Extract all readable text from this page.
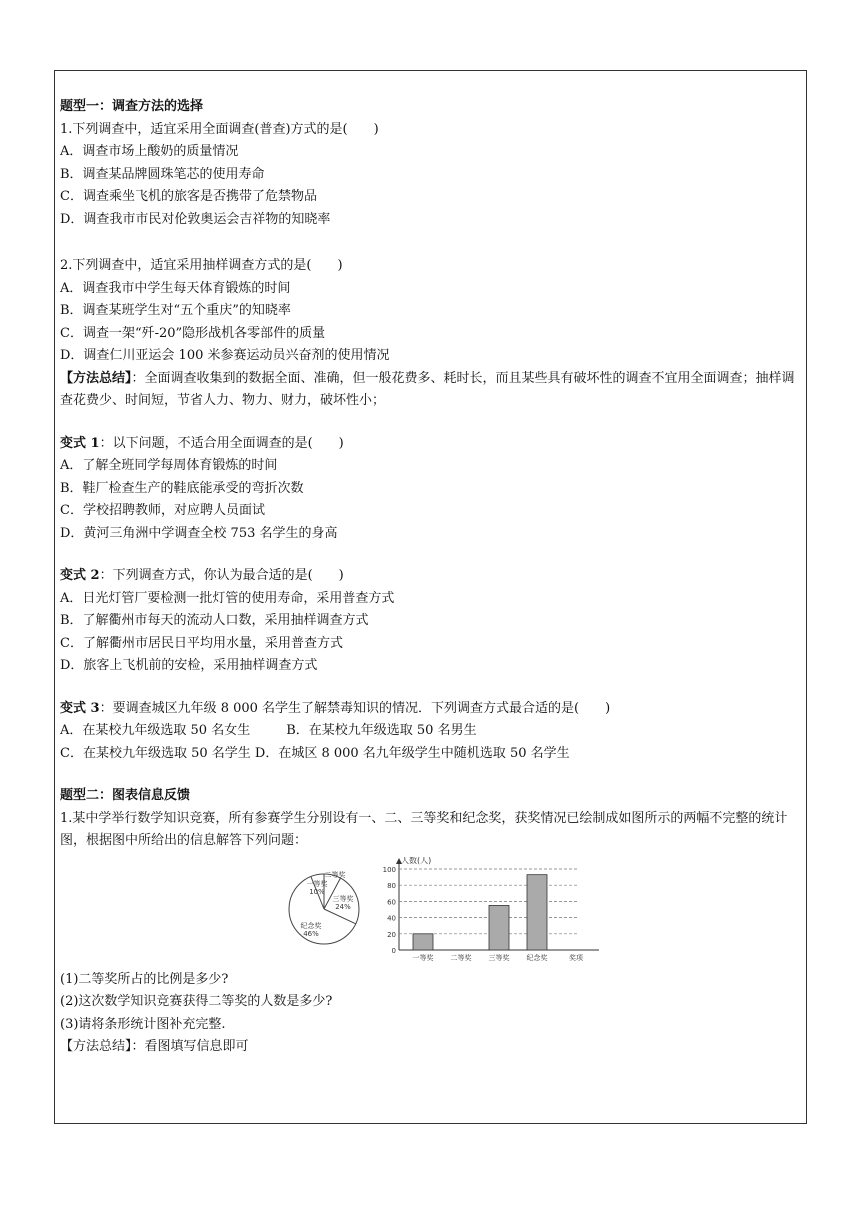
题型一：调查方法的选择
1.下列调查中，适宜采用全面调查(普查)方式的是(　　)
A．调查市场上酸奶的质量情况
B．调查某品牌圆珠笔芯的使用寿命
C．调查乘坐飞机的旅客是否携带了危禁物品
D．调查我市市民对伦敦奥运会吉祥物的知晓率
2.下列调查中，适宜采用抽样调查方式的是(　　)
A．调查我市中学生每天体育锻炼的时间
B．调查某班学生对“五个重庆”的知晓率
C．调查一架“歼-20”隐形战机各零部件的质量
D．调查仁川亚运会 100 米参赛运动员兴奋剂的使用情况
【方法总结】：全面调查收集到的数据全面、准确，但一般花费多、耗时长，而且某些具有破坏性的调查不宜用全面调查；抽样调查花费少、时间短，节省人力、物力、财力，破坏性小；
变式 1：以下问题，不适合用全面调查的是(　　)
A．了解全班同学每周体育锻炼的时间
B．鞋厂检查生产的鞋底能承受的弯折次数
C．学校招聘教师，对应聘人员面试
D．黄河三角洲中学调查全校 753 名学生的身高
变式 2：下列调查方式，你认为最合适的是(　　)
A．日光灯管厂要检测一批灯管的使用寿命，采用普查方式
B．了解衢州市每天的流动人口数，采用抽样调查方式
C．了解衢州市居民日平均用水量，采用普查方式
D．旅客上飞机前的安检，采用抽样调查方式
变式 3：要调查城区九年级 8 000 名学生了解禁毒知识的情况．下列调查方式最合适的是(　　)
A．在某校九年级选取 50 名女生	B．在某校九年级选取 50 名男生
C．在某校九年级选取 50 名学生 D．在城区 8 000 名九年级学生中随机选取 50 名学生
题型二：图表信息反馈
1.某中学举行数学知识竞赛，所有参赛学生分别设有一、二、三等奖和纪念奖，获奖情况已绘制成如图所示的两幅不完整的统计图，根据图中所给出的信息解答下列问题：
一等奖
10%
二等奖
三等奖
24%
纪念奖
46%
人数(人)
0
20
40
60
80
100
一等奖 二等奖 三等奖 纪念奖	奖项
(1)二等奖所占的比例是多少?
(2)这次数学知识竞赛获得二等奖的人数是多少?
(3)请将条形统计图补充完整.
【方法总结】：看图填写信息即可
